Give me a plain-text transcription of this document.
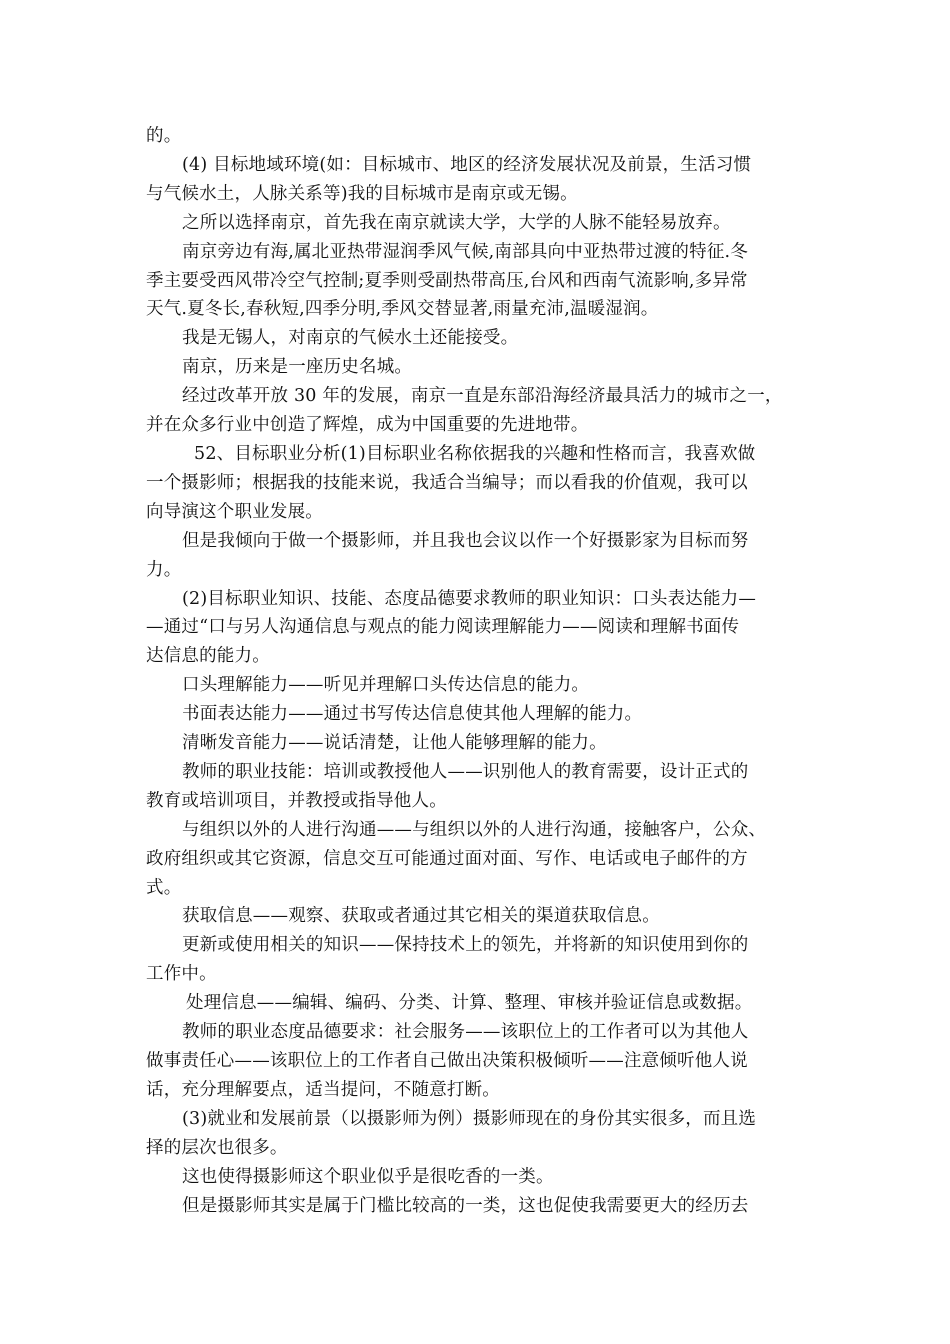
的。
(4) 目标地域环境(如：目标城市、地区的经济发展状况及前景，生活习惯
与气候水土，人脉关系等)我的目标城市是南京或无锡。
之所以选择南京，首先我在南京就读大学，大学的人脉不能轻易放弃。
南京旁边有海,属北亚热带湿润季风气候,南部具向中亚热带过渡的特征.冬
季主要受西风带冷空气控制;夏季则受副热带高压,台风和西南气流影响,多异常
天气.夏冬长,春秋短,四季分明,季风交替显著,雨量充沛,温暖湿润。
我是无锡人，对南京的气候水土还能接受。
南京，历来是一座历史名城。
经过改革开放 30 年的发展，南京一直是东部沿海经济最具活力的城市之一，
并在众多行业中创造了辉煌，成为中国重要的先进地带。
52、目标职业分析(1)目标职业名称依据我的兴趣和性格而言，我喜欢做
一个摄影师；根据我的技能来说，我适合当编导；而以看我的价值观，我可以
向导演这个职业发展。
但是我倾向于做一个摄影师，并且我也会议以作一个好摄影家为目标而努
力。
(2)目标职业知识、技能、态度品德要求教师的职业知识：口头表达能力—
—通过“口与另人沟通信息与观点的能力阅读理解能力——阅读和理解书面传
达信息的能力。
口头理解能力——听见并理解口头传达信息的能力。
书面表达能力——通过书写传达信息使其他人理解的能力。
清晰发音能力——说话清楚，让他人能够理解的能力。
教师的职业技能：培训或教授他人——识别他人的教育需要，设计正式的
教育或培训项目，并教授或指导他人。
与组织以外的人进行沟通——与组织以外的人进行沟通，接触客户，公众、
政府组织或其它资源，信息交互可能通过面对面、写作、电话或电子邮件的方
式。
获取信息——观察、获取或者通过其它相关的渠道获取信息。
更新或使用相关的知识——保持技术上的领先，并将新的知识使用到你的
工作中。
处理信息——编辑、编码、分类、计算、整理、审核并验证信息或数据。
教师的职业态度品德要求：社会服务——该职位上的工作者可以为其他人
做事责任心——该职位上的工作者自己做出决策积极倾听——注意倾听他人说
话，充分理解要点，适当提问，不随意打断。
(3)就业和发展前景（以摄影师为例）摄影师现在的身份其实很多，而且选
择的层次也很多。
这也使得摄影师这个职业似乎是很吃香的一类。
但是摄影师其实是属于门槛比较高的一类，这也促使我需要更大的经历去
